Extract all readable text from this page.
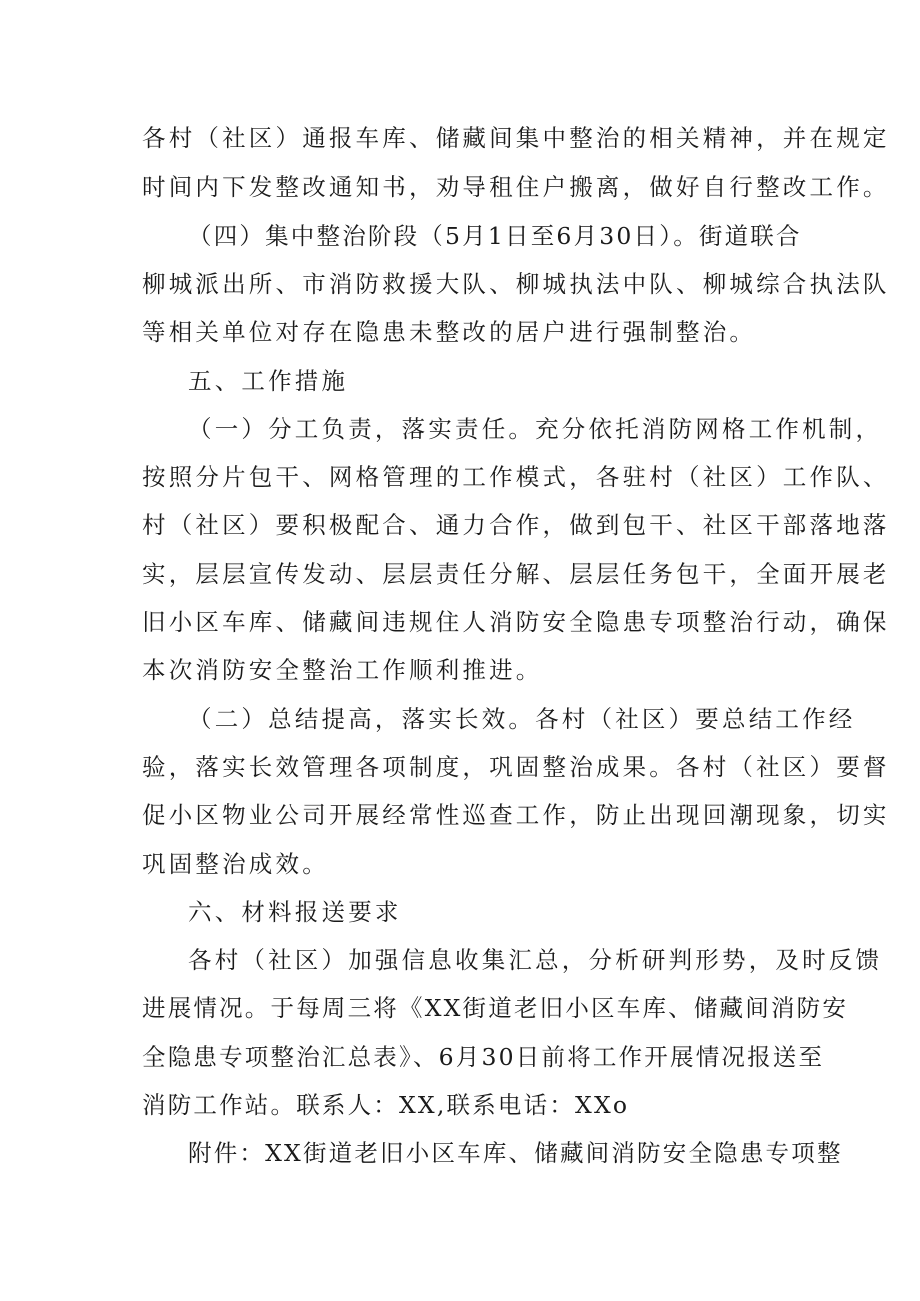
各村（社区）通报车库、储藏间集中整治的相关精神，并在规定
时间内下发整改通知书，劝导租住户搬离，做好自行整改工作。
（四）集中整治阶段（5月1日至6月30日）。街道联合
柳城派出所、市消防救援大队、柳城执法中队、柳城综合执法队
等相关单位对存在隐患未整改的居户进行强制整治。
五、工作措施
（一）分工负责，落实责任。充分依托消防网格工作机制，
按照分片包干、网格管理的工作模式，各驻村（社区）工作队、
村（社区）要积极配合、通力合作，做到包干、社区干部落地落
实，层层宣传发动、层层责任分解、层层任务包干，全面开展老
旧小区车库、储藏间违规住人消防安全隐患专项整治行动，确保
本次消防安全整治工作顺利推进。
（二）总结提高，落实长效。各村（社区）要总结工作经
验，落实长效管理各项制度，巩固整治成果。各村（社区）要督
促小区物业公司开展经常性巡查工作，防止出现回潮现象，切实
巩固整治成效。
六、材料报送要求
各村（社区）加强信息收集汇总，分析研判形势，及时反馈
进展情况。于每周三将《XX街道老旧小区车库、储藏间消防安
全隐患专项整治汇总表》、6月30日前将工作开展情况报送至
消防工作站。联系人：XX,联系电话：XXo
附件：XX街道老旧小区车库、储藏间消防安全隐患专项整
